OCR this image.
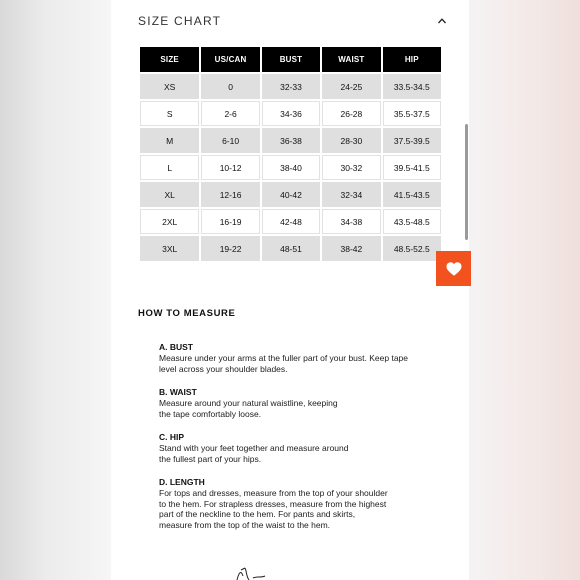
SIZE CHART
SIZE	US/CAN	BUST	WAIST	HIP
XS	0	32-33	24-25	33.5-34.5
S	2-6	34-36	26-28	35.5-37.5
M	6-10	36-38	28-30	37.5-39.5
L	10-12	38-40	30-32	39.5-41.5
XL	12-16	40-42	32-34	41.5-43.5
2XL	16-19	42-48	34-38	43.5-48.5
3XL	19-22	48-51	38-42	48.5-52.5
HOW TO MEASURE
A. BUST
Measure under your arms at the fuller part of your bust. Keep tape
level across your shoulder blades.
B. WAIST
Measure around your natural waistline, keeping
the tape comfortably loose.
C. HIP
Stand with your feet together and measure around
the fullest part of your hips.
D. LENGTH
For tops and dresses, measure from the top of your shoulder
to the hem. For strapless dresses, measure from the highest
part of the neckline to the hem. For pants and skirts,
measure from the top of the waist to the hem.
